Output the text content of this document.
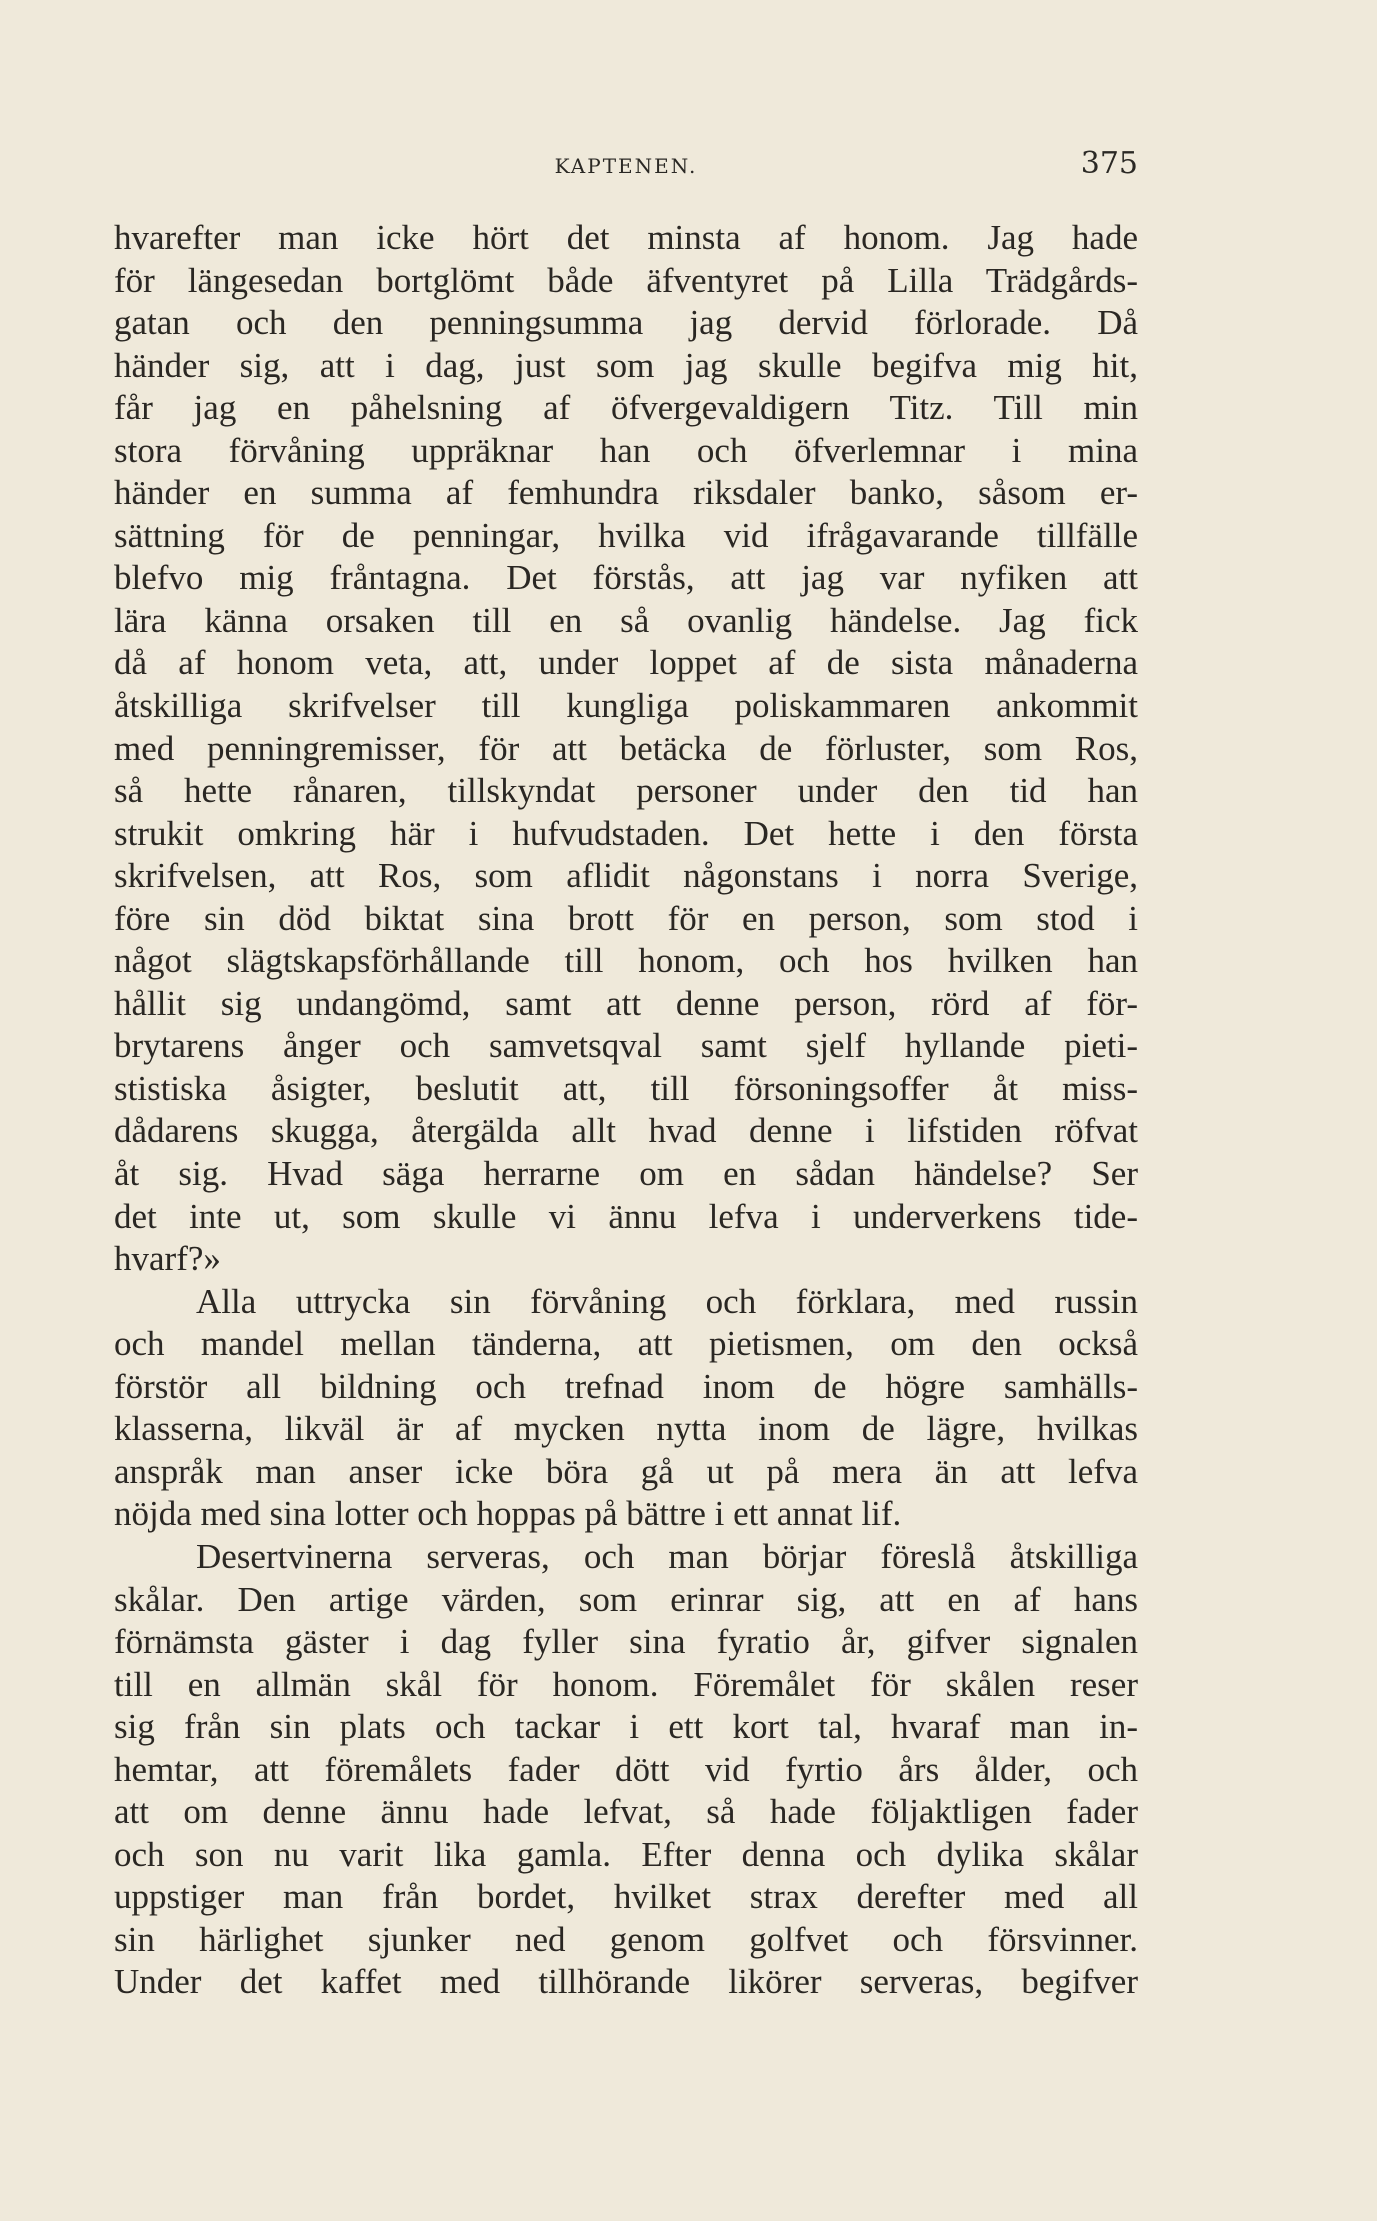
KAPTENEN.	375
hvarefter man icke hört det minsta af honom. Jag hade
för längesedan bortglömt både äfventyret på Lilla Trädgårds-
gatan och den penningsumma jag dervid förlorade. Då
händer sig, att i dag, just som jag skulle begifva mig hit,
får jag en påhelsning af öfvergevaldigern Titz. Till min
stora förvåning uppräknar han och öfverlemnar i mina
händer en summa af femhundra riksdaler banko, såsom er-
sättning för de penningar, hvilka vid ifrågavarande tillfälle
blefvo mig fråntagna. Det förstås, att jag var nyfiken att
lära känna orsaken till en så ovanlig händelse. Jag fick
då af honom veta, att, under loppet af de sista månaderna
åtskilliga skrifvelser till kungliga poliskammaren ankommit
med penningremisser, för att betäcka de förluster, som Ros,
så hette rånaren, tillskyndat personer under den tid han
strukit omkring här i hufvudstaden. Det hette i den första
skrifvelsen, att Ros, som aflidit någonstans i norra Sverige,
före sin död biktat sina brott för en person, som stod i
något slägtskapsförhållande till honom, och hos hvilken han
hållit sig undangömd, samt att denne person, rörd af för-
brytarens ånger och samvetsqval samt sjelf hyllande pieti-
stistiska åsigter, beslutit att, till försoningsoffer åt miss-
dådarens skugga, återgälda allt hvad denne i lifstiden röfvat
åt sig. Hvad säga herrarne om en sådan händelse? Ser
det inte ut, som skulle vi ännu lefva i underverkens tide-
hvarf?»
Alla uttrycka sin förvåning och förklara, med russin
och mandel mellan tänderna, att pietismen, om den också
förstör all bildning och trefnad inom de högre samhälls-
klasserna, likväl är af mycken nytta inom de lägre, hvilkas
anspråk man anser icke böra gå ut på mera än att lefva
nöjda med sina lotter och hoppas på bättre i ett annat lif.
Desertvinerna serveras, och man börjar föreslå åtskilliga
skålar. Den artige värden, som erinrar sig, att en af hans
förnämsta gäster i dag fyller sina fyratio år, gifver signalen
till en allmän skål för honom. Föremålet för skålen reser
sig från sin plats och tackar i ett kort tal, hvaraf man in-
hemtar, att föremålets fader dött vid fyrtio års ålder, och
att om denne ännu hade lefvat, så hade följaktligen fader
och son nu varit lika gamla. Efter denna och dylika skålar
uppstiger man från bordet, hvilket strax derefter med all
sin härlighet sjunker ned genom golfvet och försvinner.
Under det kaffet med tillhörande likörer serveras, begifver
